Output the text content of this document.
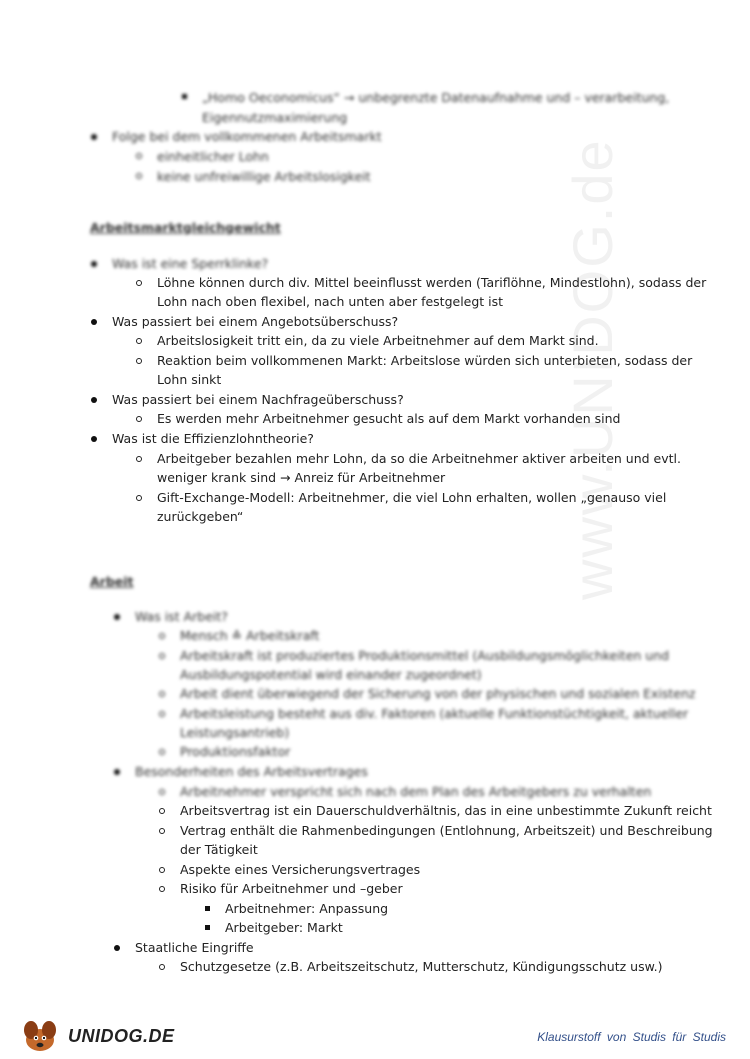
www.UNIDOG.de
„Homo Oeconomicus“ → unbegrenzte Datenaufnahme und – verarbeitung,
Eigennutzmaximierung
Folge bei dem vollkommenen Arbeitsmarkt
einheitlicher Lohn
keine unfreiwillige Arbeitslosigkeit
Arbeitsmarktgleichgewicht
Was ist eine Sperrklinke?
Löhne können durch div. Mittel beeinflusst werden (Tariflöhne, Mindestlohn), sodass der
Lohn nach oben flexibel, nach unten aber festgelegt ist
Was passiert bei einem Angebotsüberschuss?
Arbeitslosigkeit tritt ein, da zu viele Arbeitnehmer auf dem Markt sind.
Reaktion beim vollkommenen Markt: Arbeitslose würden sich unterbieten, sodass der
Lohn sinkt
Was passiert bei einem Nachfrageüberschuss?
Es werden mehr Arbeitnehmer gesucht als auf dem Markt vorhanden sind
Was ist die Effizienzlohntheorie?
Arbeitgeber bezahlen mehr Lohn, da so die Arbeitnehmer aktiver arbeiten und evtl.
weniger krank sind → Anreiz für Arbeitnehmer
Gift-Exchange-Modell: Arbeitnehmer, die viel Lohn erhalten, wollen „genauso viel
zurückgeben“
Arbeit
Was ist Arbeit?
Mensch ≙ Arbeitskraft
Arbeitskraft ist produziertes Produktionsmittel (Ausbildungsmöglichkeiten und
Ausbildungspotential wird einander zugeordnet)
Arbeit dient überwiegend der Sicherung von der physischen und sozialen Existenz
Arbeitsleistung besteht aus div. Faktoren (aktuelle Funktionstüchtigkeit, aktueller
Leistungsantrieb)
Produktionsfaktor
Besonderheiten des Arbeitsvertrages
Arbeitnehmer verspricht sich nach dem Plan des Arbeitgebers zu verhalten
Arbeitsvertrag ist ein Dauerschuldverhältnis, das in eine unbestimmte Zukunft reicht
Vertrag enthält die Rahmenbedingungen (Entlohnung, Arbeitszeit) und Beschreibung
der Tätigkeit
Aspekte eines Versicherungsvertrages
Risiko für Arbeitnehmer und –geber
Arbeitnehmer: Anpassung
Arbeitgeber: Markt
Staatliche Eingriffe
Schutzgesetze (z.B. Arbeitszeitschutz, Mutterschutz, Kündigungsschutz usw.)
UNIDOG.DE	Klausurstoff von Studis für Studis
